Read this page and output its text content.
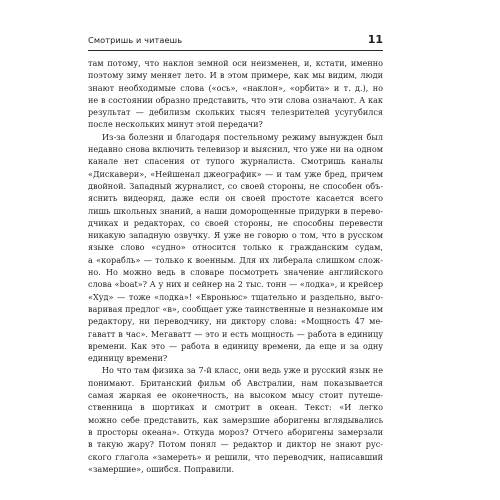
Смотришь и читаешь	11
там потому, что наклон земной оси неизменен, и, кстати, именно
поэтому зиму меняет лето. И в этом примере, как мы видим, люди
знают необходимые слова («ось», «наклон», «орбита» и т. д.), но
не в состоянии образно представить, что эти слова означают. А как
результат — дебилизм скольких тысяч телезрителей усугубился
после нескольких минут этой передачи?
Из-за болезни и благодаря постельному режиму вынужден был
недавно снова включить телевизор и выяснил, что уже ни на одном
канале нет спасения от тупого журналиста. Смотришь каналы
«Дискавери», «Нейшенал джеографик» — и там уже бред, причем
двойной. Западный журналист, со своей стороны, не способен объ-
яснить видеоряд, даже если он своей простоте касается всего
лишь школьных знаний, а наши доморощенные придурки в перево-
дчиках и редакторах, со своей стороны, не способны перевести
никакую западную озвучку. Я уже не говорю о том, что в русском
языке слово «судно» относится только к гражданским судам,
а «корабль» — только к военным. Для их либерала слишком слож-
но. Но можно ведь в словаре посмотреть значение английского
слова «boat»? А у них и сейнер на 2 тыс. тонн — «лодка», и крейсер
«Худ» — тоже «лодка»! «Евроньюс» тщательно и раздельно, выго-
варивая предлог «в», сообщает уже таинственные и незнакомые им
редактору, ни переводчику, ни диктору слова: «Мощность 47 ме-
гаватт в час». Мегаватт — это и есть мощность — работа в единицу
времени. Как это — работа в единицу времени, да еще и за одну
единицу времени?
Но что там физика за 7-й класс, они ведь уже и русский язык не
понимают. Британский фильм об Австралии, нам показывается
самая жаркая ее оконечность, на высоком мысу стоит путеше-
ственница в шортиках и смотрит в океан. Текст: «И легко
можно себе представить, как замерзшие аборигены вглядывались
в просторы океана». Откуда мороз? Отчего аборигены замерзали
в такую жару? Потом понял — редактор и диктор не знают рус-
ского глагола «замереть» и решили, что переводчик, написавший
«замершие», ошибся. Поправили.
